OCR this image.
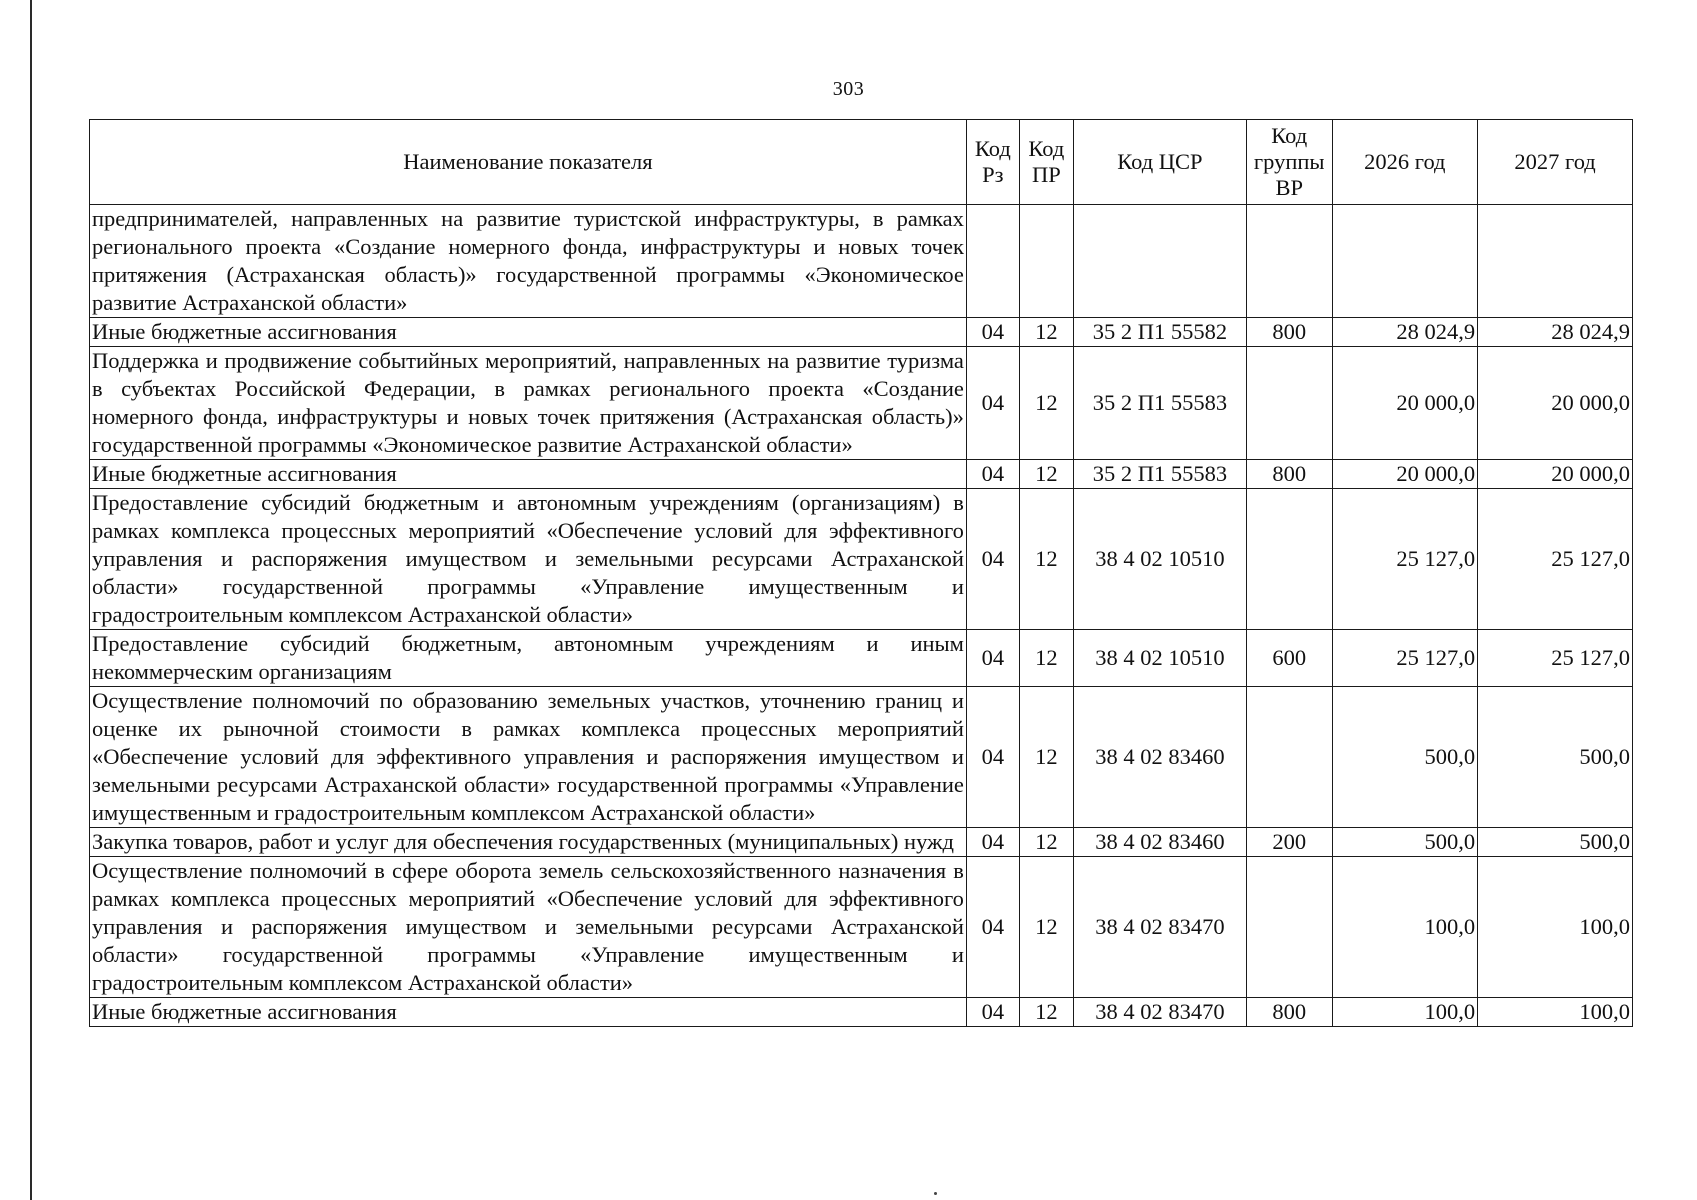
303
Наименование показателя	Код Рз	Код ПР	Код ЦСР	Код группы ВР	2026 год	2027 год
предпринимателей, направленных на развитие туристской инфраструктуры, в рамках регионального проекта «Создание номерного фонда, инфраструктуры и новых точек притяжения (Астраханская область)» государственной программы «Экономическое развитие Астраханской области»						
Иные бюджетные ассигнования	04	12	35 2 П1 55582	800	28 024,9	28 024,9
Поддержка и продвижение событийных мероприятий, направленных на развитие туризма в субъектах Российской Федерации, в рамках регионального проекта «Создание номерного фонда, инфраструктуры и новых точек притяжения (Астраханская область)» государственной программы «Экономическое развитие Астраханской области»	04	12	35 2 П1 55583		20 000,0	20 000,0
Иные бюджетные ассигнования	04	12	35 2 П1 55583	800	20 000,0	20 000,0
Предоставление субсидий бюджетным и автономным учреждениям (организациям) в рамках комплекса процессных мероприятий «Обеспечение условий для эффективного управления и распоряжения имуществом и земельными ресурсами Астраханской области» государственной программы «Управление имущественным и градостроительным комплексом Астраханской области»	04	12	38 4 02 10510		25 127,0	25 127,0
Предоставление субсидий бюджетным, автономным учреждениям и иным некоммерческим организациям	04	12	38 4 02 10510	600	25 127,0	25 127,0
Осуществление полномочий по образованию земельных участков, уточнению границ и оценке их рыночной стоимости в рамках комплекса процессных мероприятий «Обеспечение условий для эффективного управления и распоряжения имуществом и земельными ресурсами Астраханской области» государственной программы «Управление имущественным и градостроительным комплексом Астраханской области»	04	12	38 4 02 83460		500,0	500,0
Закупка товаров, работ и услуг для обеспечения государственных (муниципальных) нужд	04	12	38 4 02 83460	200	500,0	500,0
Осуществление полномочий в сфере оборота земель сельскохозяйственного назначения в рамках комплекса процессных мероприятий «Обеспечение условий для эффективного управления и распоряжения имуществом и земельными ресурсами Астраханской области» государственной программы «Управление имущественным и градостроительным комплексом Астраханской области»	04	12	38 4 02 83470		100,0	100,0
Иные бюджетные ассигнования	04	12	38 4 02 83470	800	100,0	100,0
